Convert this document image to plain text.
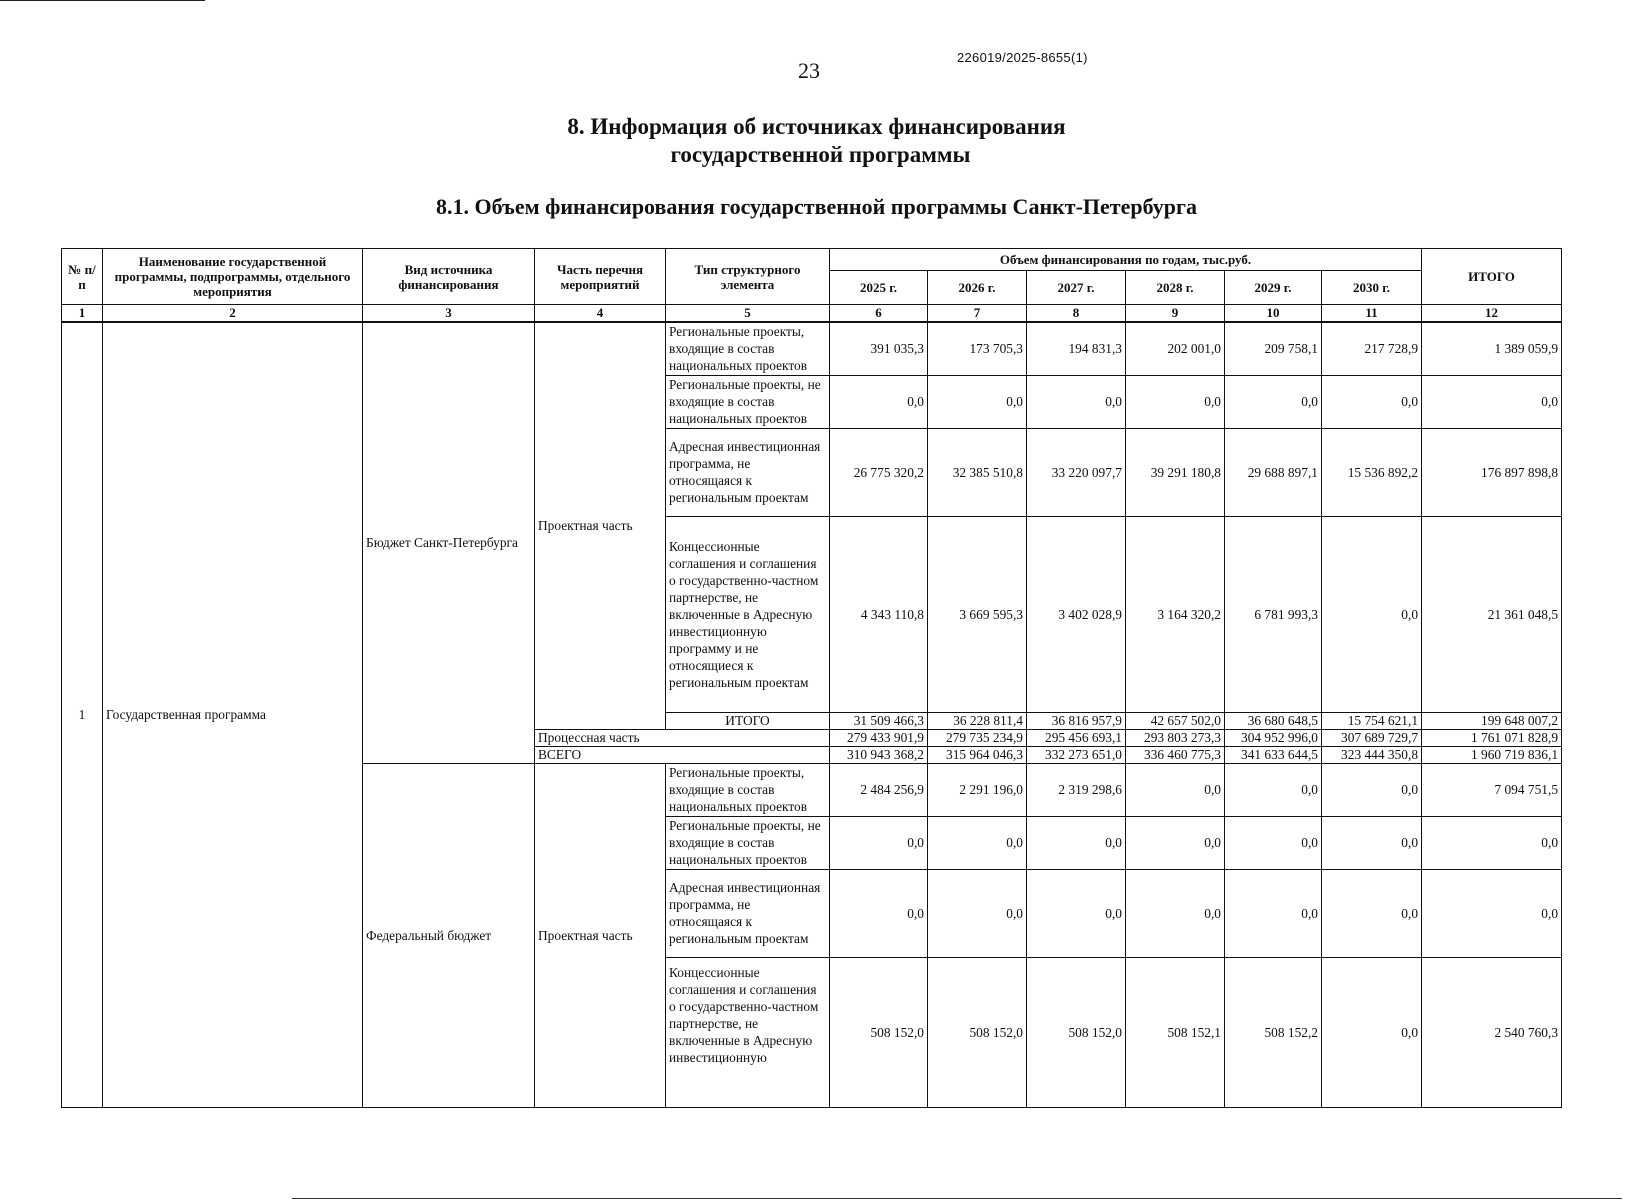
23
226019/2025-8655(1)
8. Информация об источниках финансирования
государственной программы
8.1. Объем финансирования государственной программы Санкт-Петербурга
№ п/п	Наименование государственной программы, подпрограммы, отдельного мероприятия	Вид источника финансирования	Часть перечня мероприятий	Тип структурного элемента	Объем финансирования по годам, тыс.руб.						ИТОГО
					2025 г.	2026 г.	2027 г.	2028 г.	2029 г.	2030 г.	
1	2	3	4	5	6	7	8	9	10	11	12
1	Государственная программа	Бюджет Санкт-Петербурга	Проектная часть	Региональные проекты, входящие в состав национальных проектов	391 035,3	173 705,3	194 831,3	202 001,0	209 758,1	217 728,9	1 389 059,9
				Региональные проекты, не входящие в состав национальных проектов	0,0	0,0	0,0	0,0	0,0	0,0	0,0
				Адресная инвестиционная программа, не относящаяся к региональным проектам	26 775 320,2	32 385 510,8	33 220 097,7	39 291 180,8	29 688 897,1	15 536 892,2	176 897 898,8
				Концессионные соглашения и соглашения о государственно-частном партнерстве, не включенные в Адресную инвестиционную программу и не относящиеся к региональным проектам	4 343 110,8	3 669 595,3	3 402 028,9	3 164 320,2	6 781 993,3	0,0	21 361 048,5
				ИТОГО	31 509 466,3	36 228 811,4	36 816 957,9	42 657 502,0	36 680 648,5	15 754 621,1	199 648 007,2
			Процессная часть		279 433 901,9	279 735 234,9	295 456 693,1	293 803 273,3	304 952 996,0	307 689 729,7	1 761 071 828,9
			ВСЕГО		310 943 368,2	315 964 046,3	332 273 651,0	336 460 775,3	341 633 644,5	323 444 350,8	1 960 719 836,1
		Федеральный бюджет	Проектная часть	Региональные проекты, входящие в состав национальных проектов	2 484 256,9	2 291 196,0	2 319 298,6	0,0	0,0	0,0	7 094 751,5
				Региональные проекты, не входящие в состав национальных проектов	0,0	0,0	0,0	0,0	0,0	0,0	0,0
				Адресная инвестиционная программа, не относящаяся к региональным проектам	0,0	0,0	0,0	0,0	0,0	0,0	0,0
				Концессионные соглашения и соглашения о государственно-частном партнерстве, не включенные в Адресную инвестиционную	508 152,0	508 152,0	508 152,0	508 152,1	508 152,2	0,0	2 540 760,3
